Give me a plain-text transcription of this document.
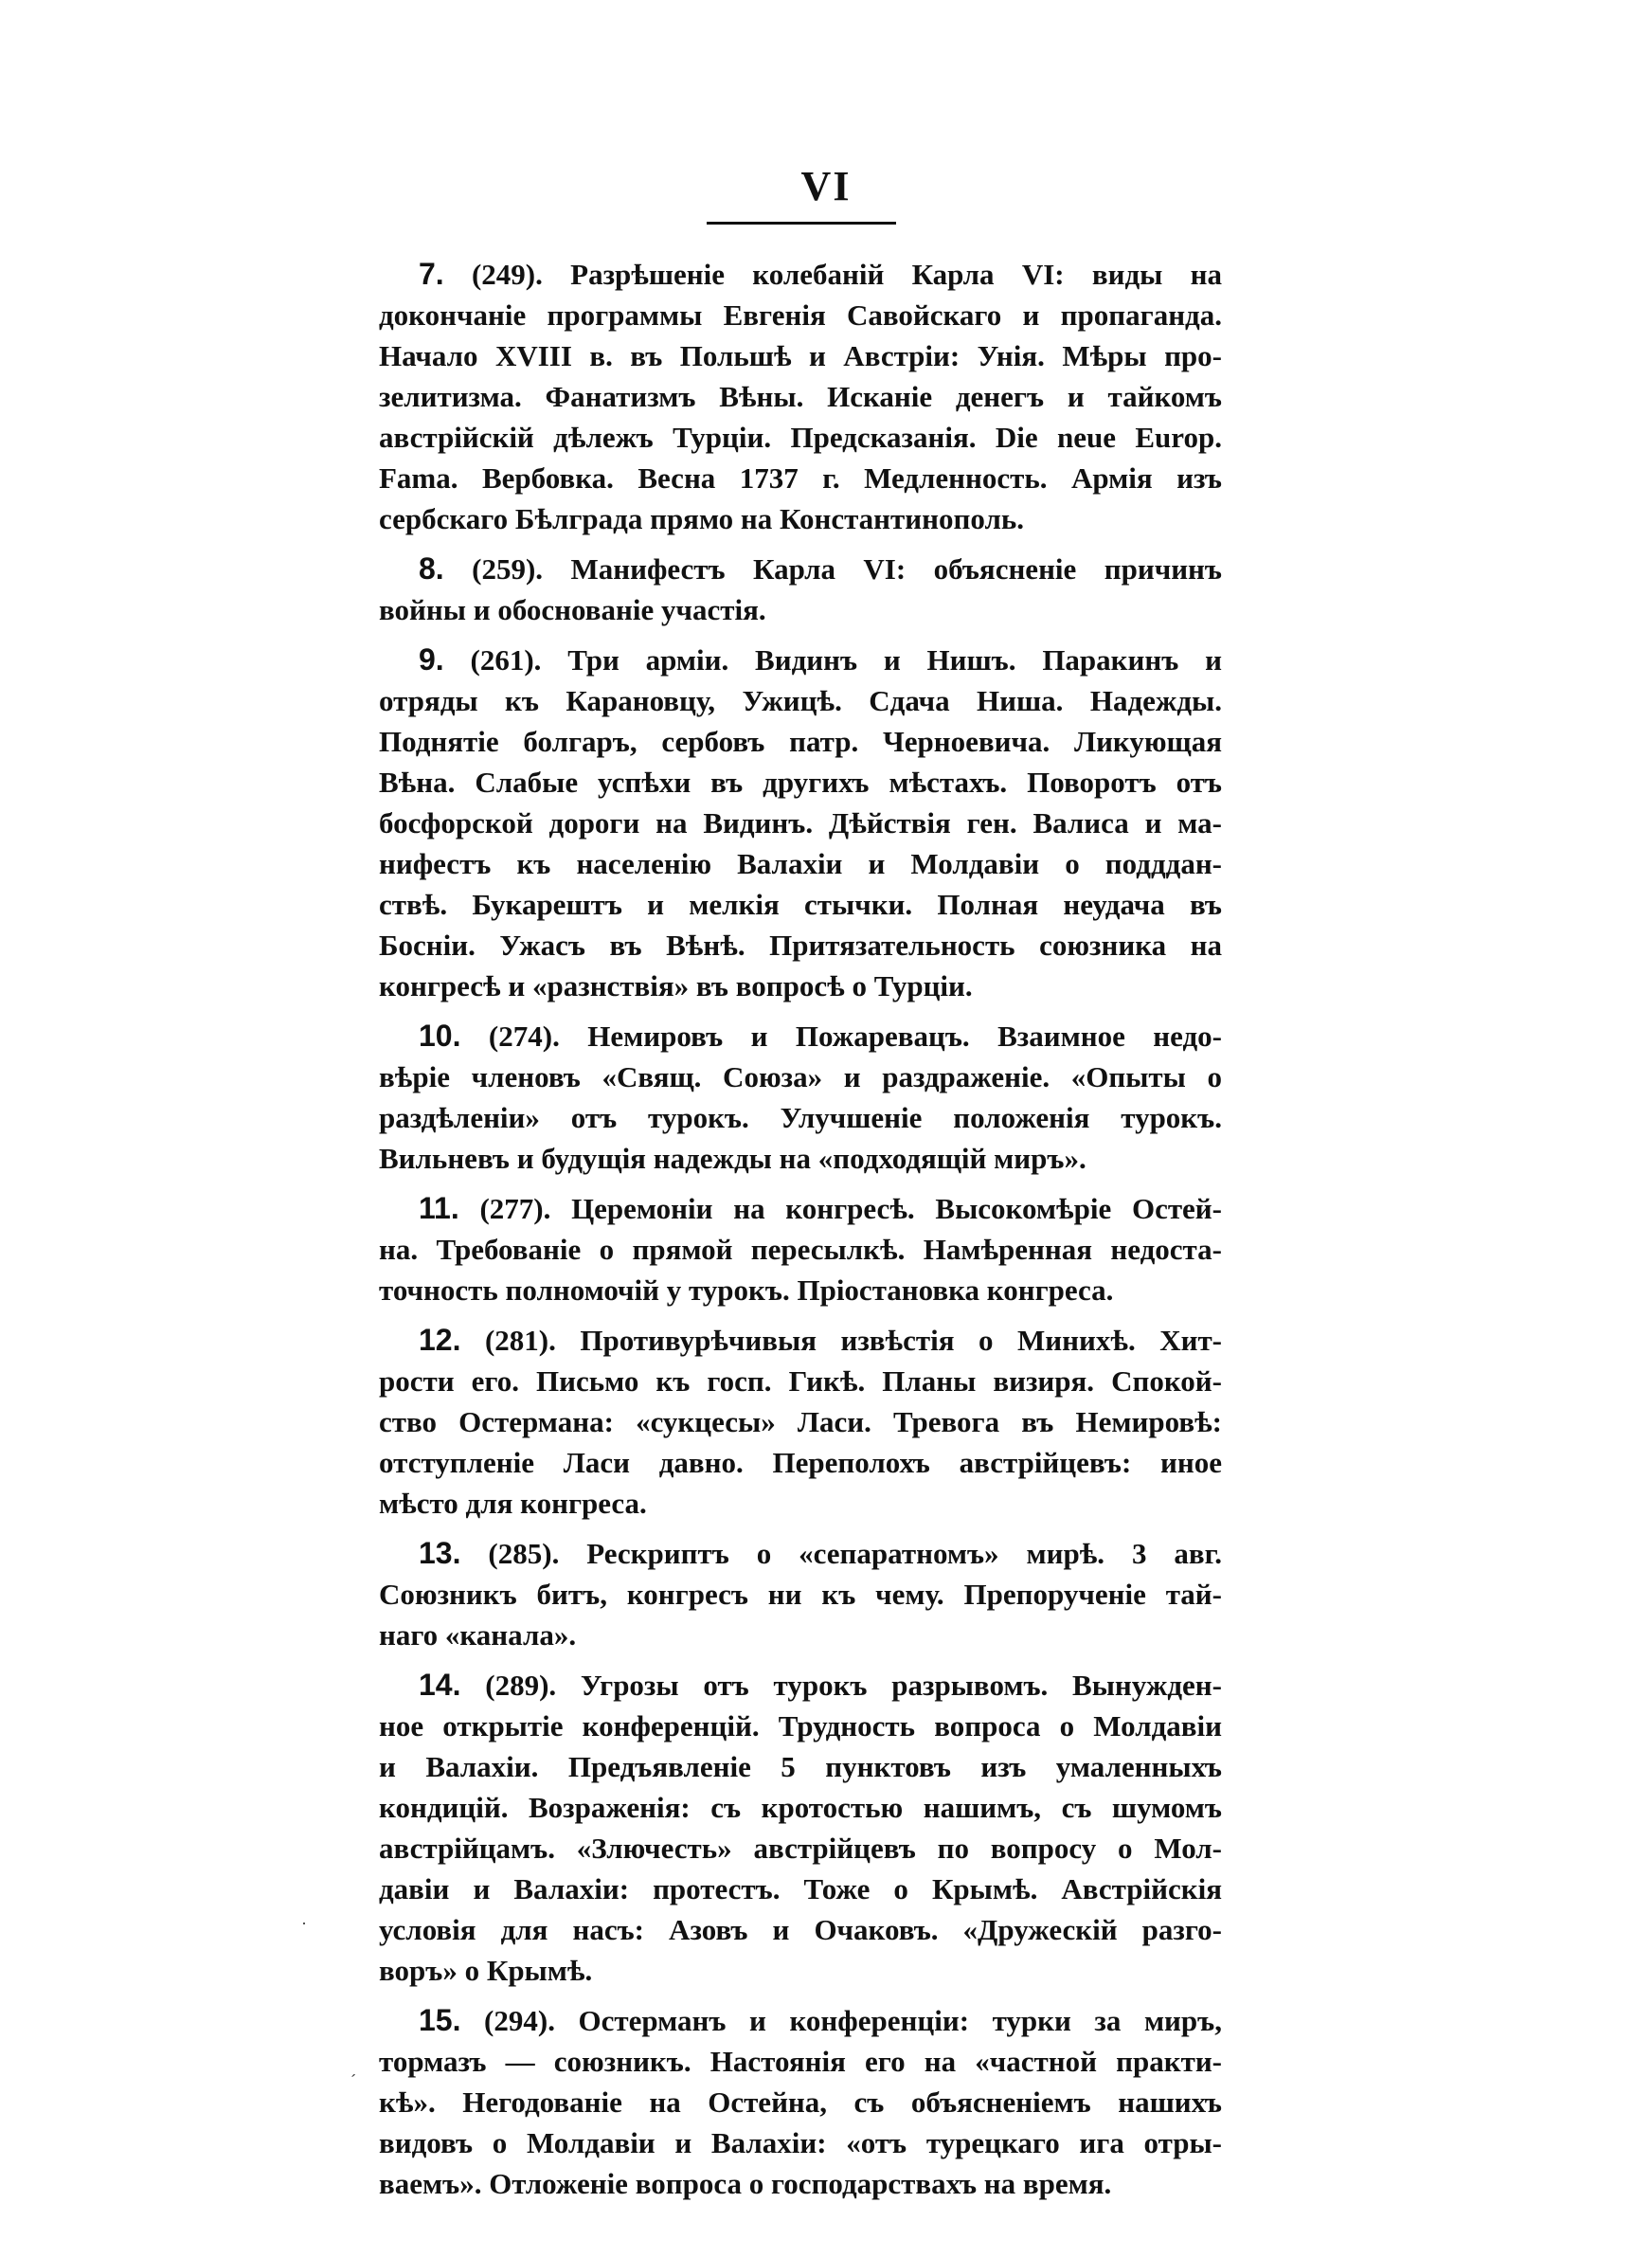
VI
7. (249). Разрѣшеніе колебаній Карла VI: виды на
докончаніе программы Евгенія Савойскаго и пропаганда.
Начало XVIII в. въ Польшѣ и Австріи: Унія. Мѣры про-
зелитизма. Фанатизмъ Вѣны. Исканіе денегъ и тайкомъ
австрійскій дѣлежъ Турціи. Предсказанія. Die neue Europ.
Fama. Вербовка. Весна 1737 г. Медленность. Армія изъ
сербскаго Бѣлграда прямо на Константинополь.
8. (259). Манифестъ Карла VI: объясненіе причинъ
войны и обоснованіе участія.
9. (261). Три арміи. Видинъ и Нишъ. Паракинъ и
отряды къ Карановцу, Ужицѣ. Сдача Ниша. Надежды.
Поднятіе болгаръ, сербовъ патр. Черноевича. Ликующая
Вѣна. Слабые успѣхи въ другихъ мѣстахъ. Поворотъ отъ
босфорской дороги на Видинъ. Дѣйствія ген. Валиса и ма-
нифестъ къ населенію Валахіи и Молдавіи о подддан-
ствѣ. Букарештъ и мелкія стычки. Полная неудача въ
Босніи. Ужасъ въ Вѣнѣ. Притязательность союзника на
конгресѣ и «разнствія» въ вопросѣ о Турціи.
10. (274). Немировъ и Пожаревацъ. Взаимное недо-
вѣріе членовъ «Свящ. Союза» и раздраженіе. «Опыты о
раздѣленіи» отъ турокъ. Улучшеніе положенія турокъ.
Вильневъ и будущія надежды на «подходящій миръ».
11. (277). Церемоніи на конгресѣ. Высокомѣріе Остей-
на. Требованіе о прямой пересылкѣ. Намѣренная недоста-
точность полномочій у турокъ. Пріостановка конгреса.
12. (281). Противурѣчивыя извѣстія о Минихѣ. Хит-
рости его. Письмо къ госп. Гикѣ. Планы визиря. Спокой-
ство Остермана: «сукцесы» Ласи. Тревога въ Немировѣ:
отступленіе Ласи давно. Переполохъ австрійцевъ: иное
мѣсто для конгреса.
13. (285). Рескриптъ о «сепаратномъ» мирѣ. 3 авг.
Союзникъ битъ, конгресъ ни къ чему. Препорученіе тай-
наго «канала».
14. (289). Угрозы отъ турокъ разрывомъ. Вынужден-
ное открытіе конференцій. Трудность вопроса о Молдавіи
и Валахіи. Предъявленіе 5 пунктовъ изъ умаленныхъ
кондицій. Возраженія: съ кротостью нашимъ, съ шумомъ
австрійцамъ. «Злючесть» австрійцевъ по вопросу о Мол-
давіи и Валахіи: протестъ. Тоже о Крымѣ. Австрійскія
условія для насъ: Азовъ и Очаковъ. «Дружескій разго-
воръ» о Крымѣ.
15. (294). Остерманъ и конференціи: турки за миръ,
тормазъ — союзникъ. Настоянія его на «частной практи-
кѣ». Негодованіе на Остейна, съ объясненіемъ нашихъ
видовъ о Молдавіи и Валахіи: «отъ турецкаго ига отры-
ваемъ». Отложеніе вопроса о господарствахъ на время.
·
ˊ
